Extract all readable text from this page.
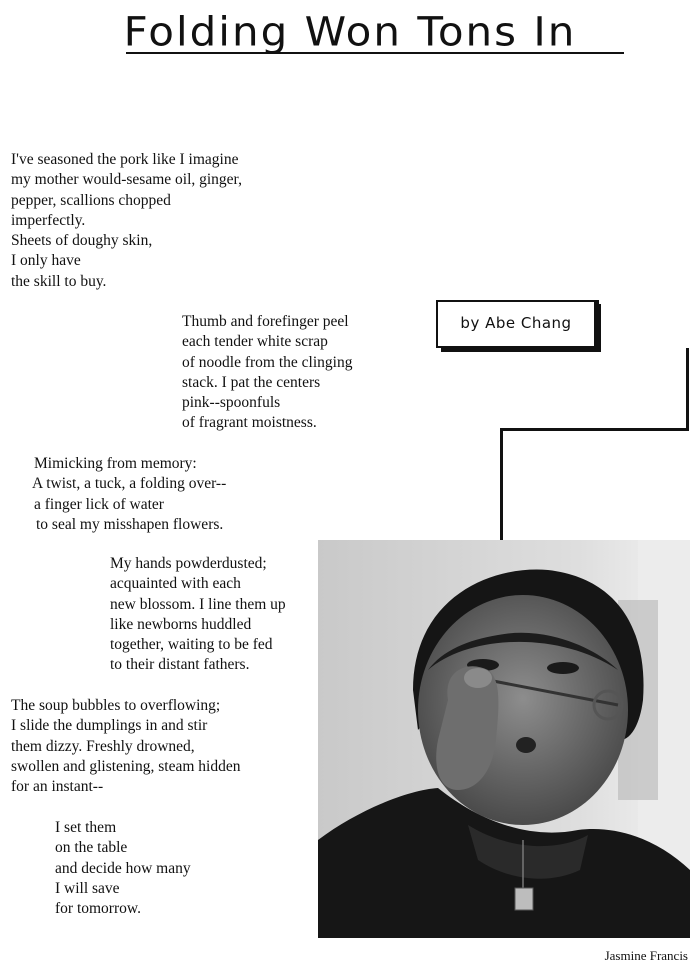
Folding Won Tons In
I've seasoned the pork like I imagine
my mother would-sesame oil, ginger,
pepper, scallions chopped
imperfectly.
Sheets of doughy skin,
I only have
the skill to buy.
Thumb and forefinger peel
each tender white scrap
of noodle from the clinging
stack. I pat the centers
pink--spoonfuls
of fragrant moistness.
Mimicking from memory:
A twist, a tuck, a folding over--
a finger lick of water
to seal my misshapen flowers.
My hands powderdusted;
acquainted with each
new blossom. I line them up
like newborns huddled
together, waiting to be fed
to their distant fathers.
The soup bubbles to overflowing;
I slide the dumplings in and stir
them dizzy. Freshly drowned,
swollen and glistening, steam hidden
for an instant--
I set them
on the table
and decide how many
I will save
for tomorrow.
by Abe Chang
Jasmine Francis
